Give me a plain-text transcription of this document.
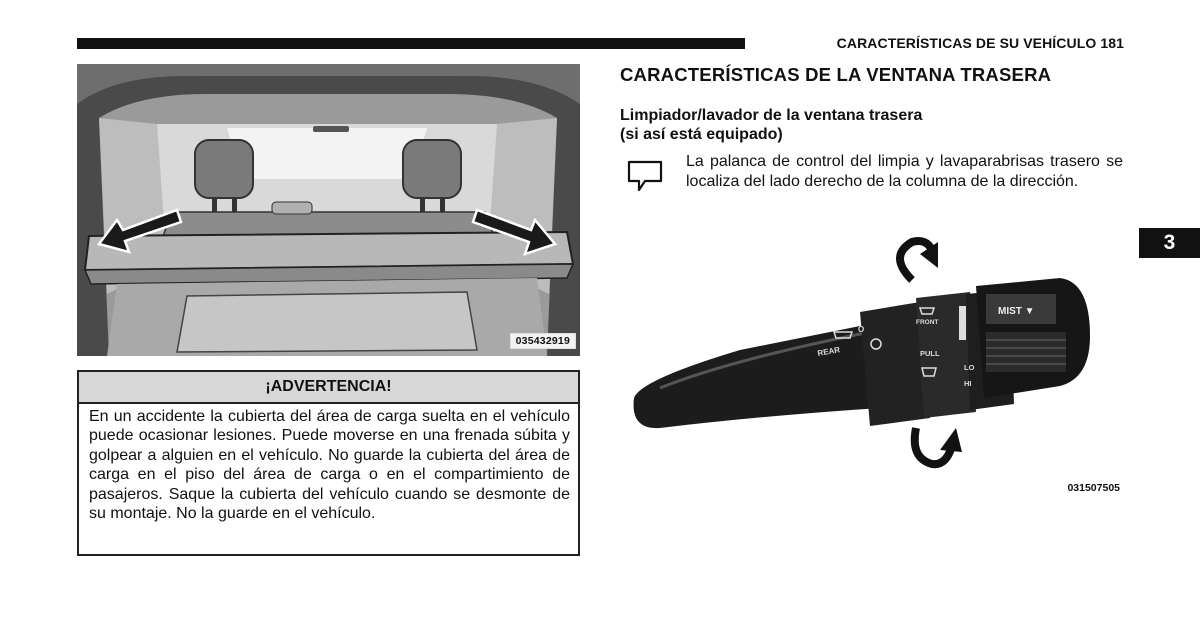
CARACTERÍSTICAS DE SU VEHÍCULO 181
035432919
¡ADVERTENCIA!
En un accidente la cubierta del área de carga suelta en el vehículo puede ocasionar lesiones. Puede moverse en una frenada súbita y golpear a alguien en el vehículo. No guarde la cubierta del área de carga en el piso del área de carga o en el compartimiento de pasajeros. Saque la cubierta del vehículo cuando se desmonte de su montaje. No la guarde en el vehículo.
CARACTERÍSTICAS DE LA VENTANA TRASERA
Limpiador/lavador de la ventana trasera
(si así está equipado)
La palanca de control del limpia y lavaparabrisas trasero se localiza del lado derecho de la columna de la dirección.
3
MIST ▼
REAR
FRONT
PULL
LO
HI
O
031507505
